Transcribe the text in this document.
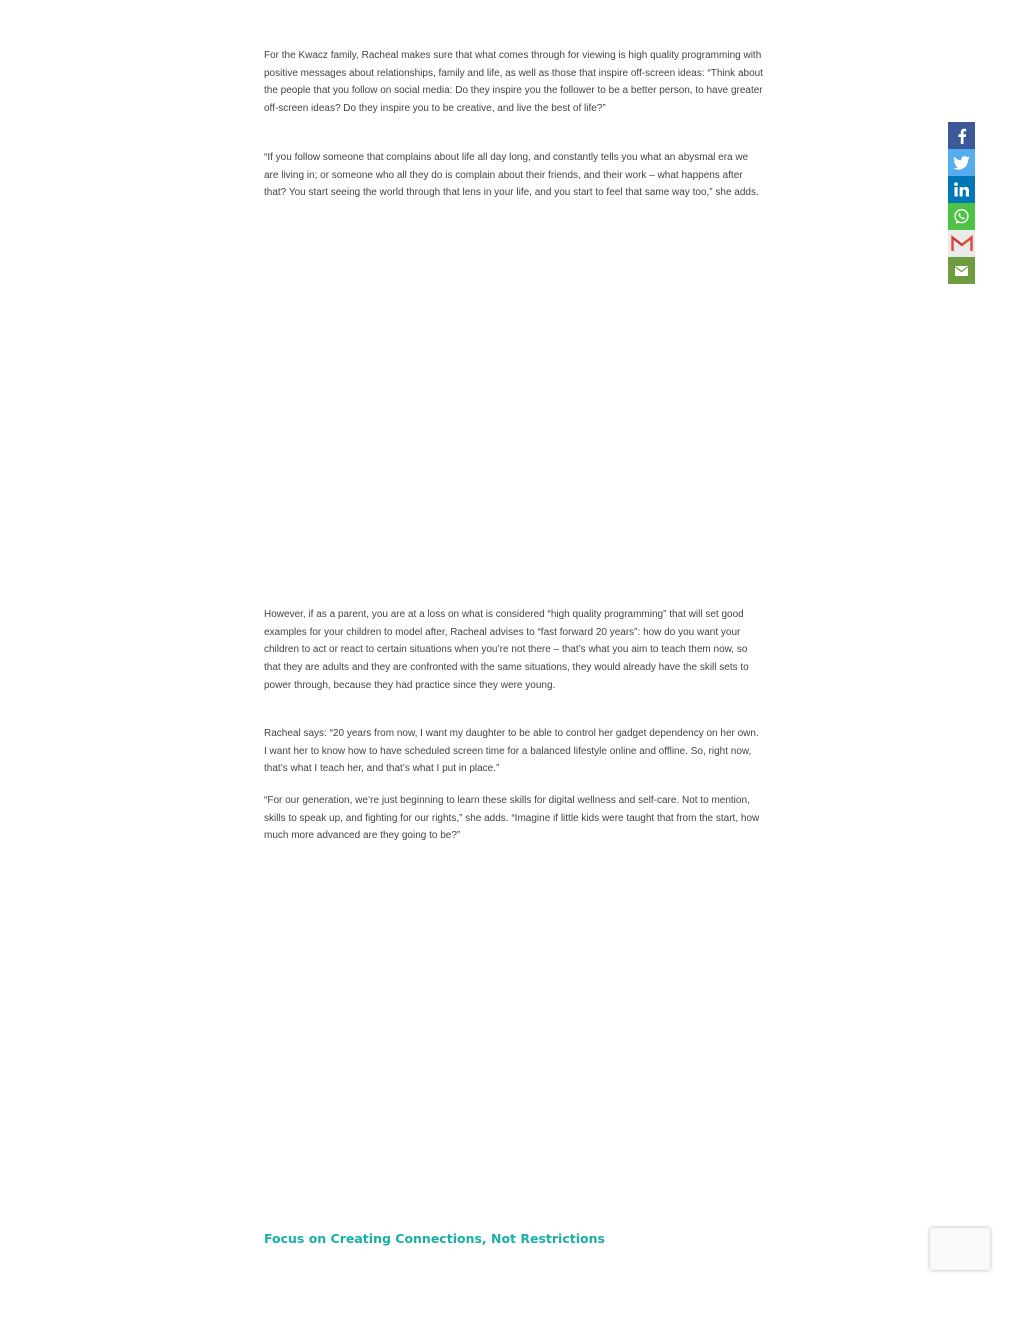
For the Kwacz family, Racheal makes sure that what comes through for viewing is high quality programming with positive messages about relationships, family and life, as well as those that inspire off-screen ideas: “Think about the people that you follow on social media: Do they inspire you the follower to be a better person, to have greater off-screen ideas? Do they inspire you to be creative, and live the best of life?”

“If you follow someone that complains about life all day long, and constantly tells you what an abysmal era we are living in; or someone who all they do is complain about their friends, and their work – what happens after that? You start seeing the world through that lens in your life, and you start to feel that same way too,” she adds.

However, if as a parent, you are at a loss on what is considered “high quality programming” that will set good examples for your children to model after, Racheal advises to “fast forward 20 years”: how do you want your children to act or react to certain situations when you’re not there – that’s what you aim to teach them now, so that they are adults and they are confronted with the same situations, they would already have the skill sets to power through, because they had practice since they were young.

Racheal says: “20 years from now, I want my daughter to be able to control her gadget dependency on her own. I want her to know how to have scheduled screen time for a balanced lifestyle online and offline. So, right now, that’s what I teach her, and that’s what I put in place.”

“For our generation, we’re just beginning to learn these skills for digital wellness and self-care. Not to mention, skills to speak up, and fighting for our rights,” she adds. “Imagine if little kids were taught that from the start, how much more advanced are they going to be?”

Focus on Creating Connections, Not Restrictions
